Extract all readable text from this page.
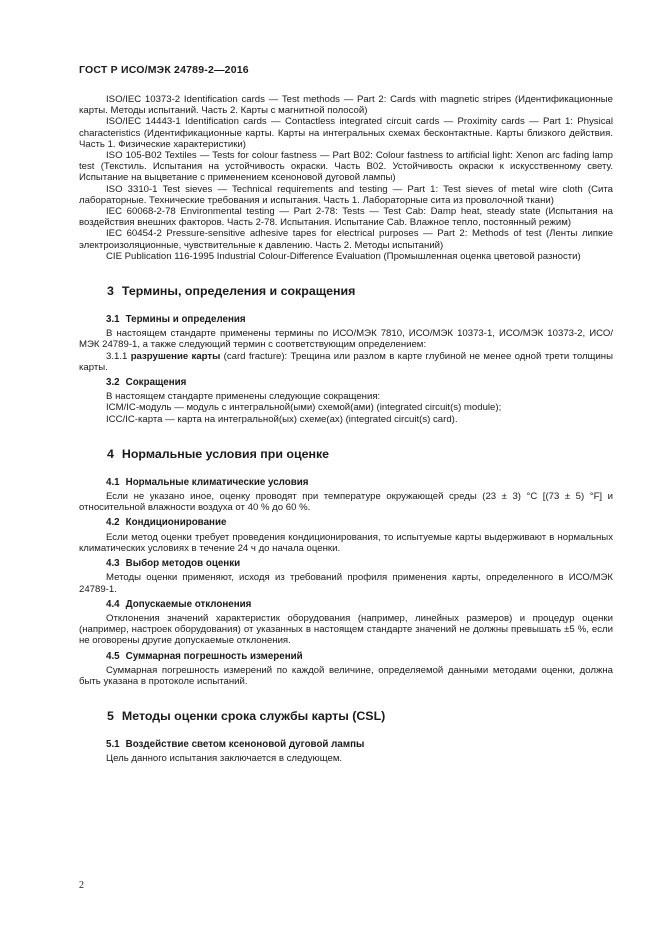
ГОСТ Р ИСО/МЭК 24789-2—2016

ISO/IEC 10373-2 Identification cards — Test methods — Part 2: Cards with magnetic stripes (Идентификационные карты. Методы испытаний. Часть 2. Карты с магнитной полосой)

ISO/IEC 14443-1 Identification cards — Contactless integrated circuit cards — Proximity cards — Part 1: Physical characteristics (Идентификационные карты. Карты на интегральных схемах бесконтактные. Карты близкого действия. Часть 1. Физические характеристики)

ISO 105-B02 Textiles — Tests for colour fastness — Part B02: Colour fastness to artificial light: Xenon arc fading lamp test (Текстиль. Испытания на устойчивость окраски. Часть B02. Устойчивость окраски к искусственному свету. Испытание на выцветание с применением ксеноновой дуговой лампы)

ISO 3310-1 Test sieves — Technical requirements and testing — Part 1: Test sieves of metal wire cloth (Сита лабораторные. Технические требования и испытания. Часть 1. Лабораторные сита из проволочной ткани)

IEC 60068-2-78 Environmental testing — Part 2-78: Tests — Test Cab: Damp heat, steady state (Испытания на воздействия внешних факторов. Часть 2-78. Испытания. Испытание Cab. Влажное тепло, постоянный режим)

IEC 60454-2 Pressure-sensitive adhesive tapes for electrical purposes — Part 2: Methods of test (Ленты липкие электроизоляционные, чувствительные к давлению. Часть 2. Методы испытаний)

CIE Publication 116-1995 Industrial Colour-Difference Evaluation (Промышленная оценка цветовой разности)

3 Термины, определения и сокращения
3.1 Термины и определения

В настоящем стандарте применены термины по ИСО/МЭК 7810, ИСО/МЭК 10373-1, ИСО/МЭК 10373-2, ИСО/МЭК 24789-1, а также следующий термин с соответствующим определением:

3.1.1 разрушение карты (card fracture): Трещина или разлом в карте глубиной не менее одной трети толщины карты.

3.2 Сокращения

В настоящем стандарте применены следующие сокращения:

ICM/IC-модуль — модуль с интегральной(ыми) схемой(ами) (integrated circuit(s) module);

ICC/IC-карта — карта на интегральной(ых) схеме(ах) (integrated circuit(s) card).

4 Нормальные условия при оценке
4.1 Нормальные климатические условия

Если не указано иное, оценку проводят при температуре окружающей среды (23 ± 3) °C [(73 ± 5) °F] и относительной влажности воздуха от 40 % до 60 %.

4.2 Кондиционирование

Если метод оценки требует проведения кондиционирования, то испытуемые карты выдерживают в нормальных климатических условиях в течение 24 ч до начала оценки.

4.3 Выбор методов оценки

Методы оценки применяют, исходя из требований профиля применения карты, определенного в ИСО/МЭК 24789-1.

4.4 Допускаемые отклонения

Отклонения значений характеристик оборудования (например, линейных размеров) и процедур оценки (например, настроек оборудования) от указанных в настоящем стандарте значений не должны превышать ±5 %, если не оговорены другие допускаемые отклонения.

4.5 Суммарная погрешность измерений

Суммарная погрешность измерений по каждой величине, определяемой данными методами оценки, должна быть указана в протоколе испытаний.

5 Методы оценки срока службы карты (CSL)
5.1 Воздействие светом ксеноновой дуговой лампы

Цель данного испытания заключается в следующем.

2
